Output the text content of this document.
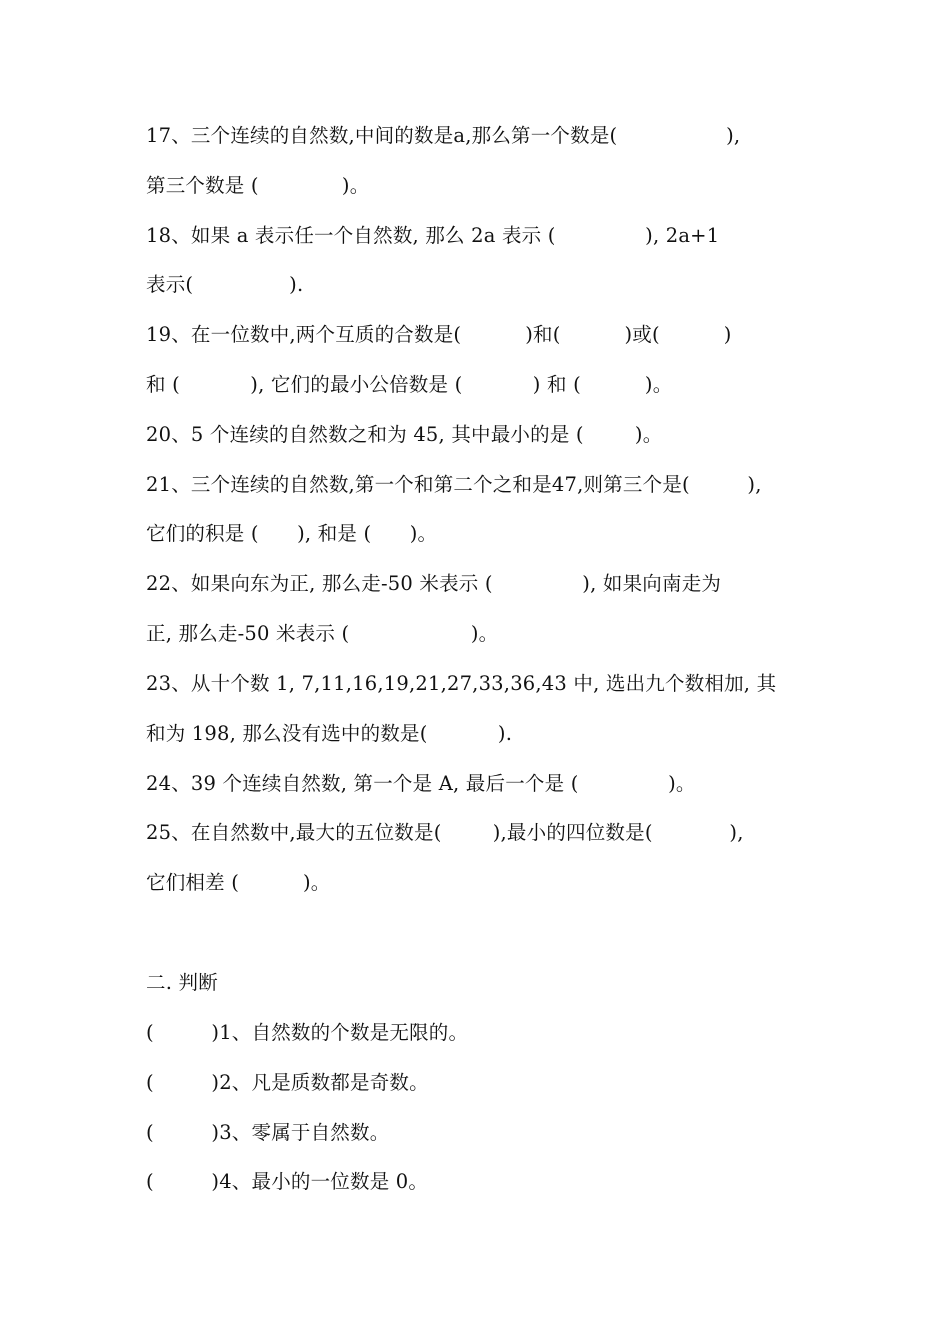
17、三个连续的自然数,中间的数是a,那么第一个数是(                 ),
第三个数是 (             )。
18、如果 a 表示任一个自然数, 那么 2a 表示 (              ), 2a+1
表示(               ).
19、在一位数中,两个互质的合数是(          )和(          )或(          )
和 (           ), 它们的最小公倍数是 (           ) 和 (          )。
20、5 个连续的自然数之和为 45, 其中最小的是 (        )。
21、三个连续的自然数,第一个和第二个之和是47,则第三个是(         ),
它们的积是 (      ), 和是 (      )。
22、如果向东为正, 那么走-50 米表示 (              ), 如果向南走为
正, 那么走-50 米表示 (                   )。
23、从十个数 1, 7,11,16,19,21,27,33,36,43 中, 选出九个数相加, 其
和为 198, 那么没有选中的数是(           ).
24、39 个连续自然数, 第一个是 A, 最后一个是 (              )。
25、在自然数中,最大的五位数是(        ),最小的四位数是(            ),
它们相差 (          )。
二. 判断
(         )1、自然数的个数是无限的。
(         )2、凡是质数都是奇数。
(         )3、零属于自然数。
(         )4、最小的一位数是 0。
